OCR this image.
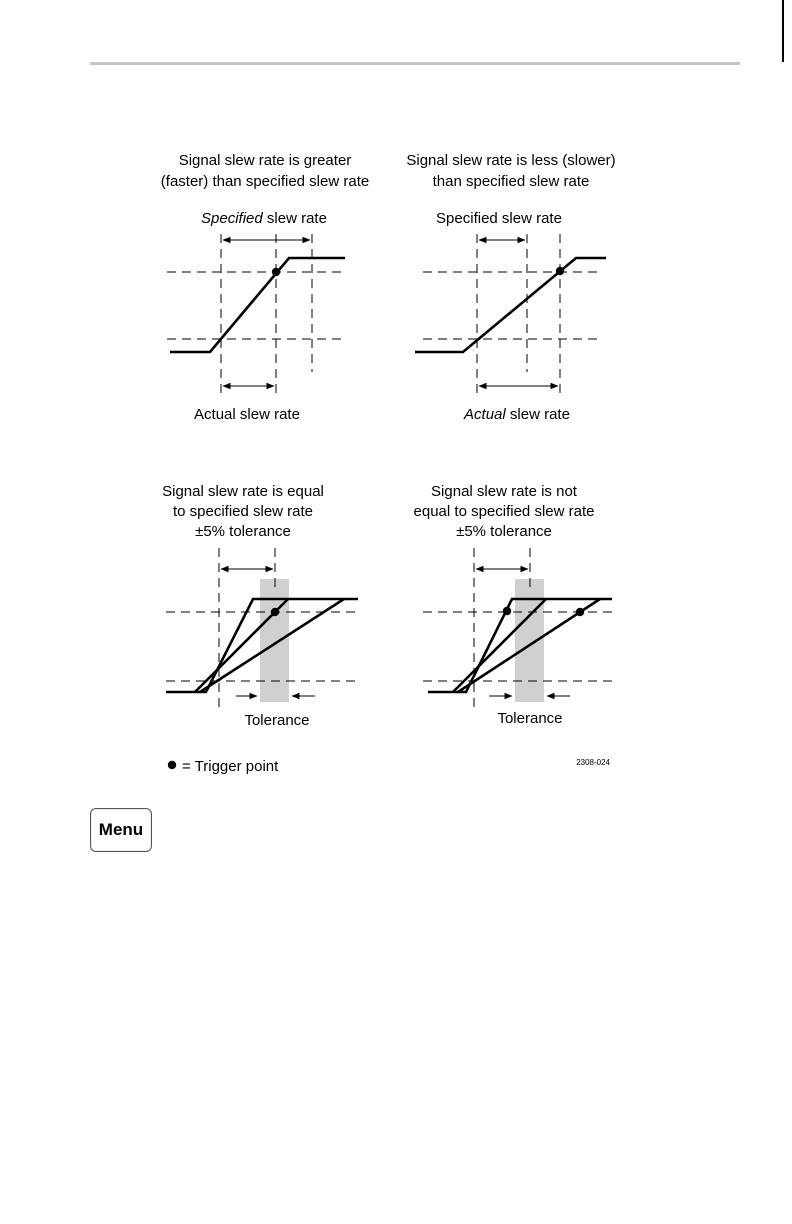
Signal slew rate is greater
(faster) than specified slew rate
Specified slew rate
Actual slew rate
Signal slew rate is less (slower)
than specified slew rate
Specified slew rate
Actual slew rate
Signal slew rate is equal
to specified slew rate
±5% tolerance
Tolerance
Signal slew rate is not
equal to specified slew rate
±5% tolerance
Tolerance
= Trigger point	2308-024
Menu
